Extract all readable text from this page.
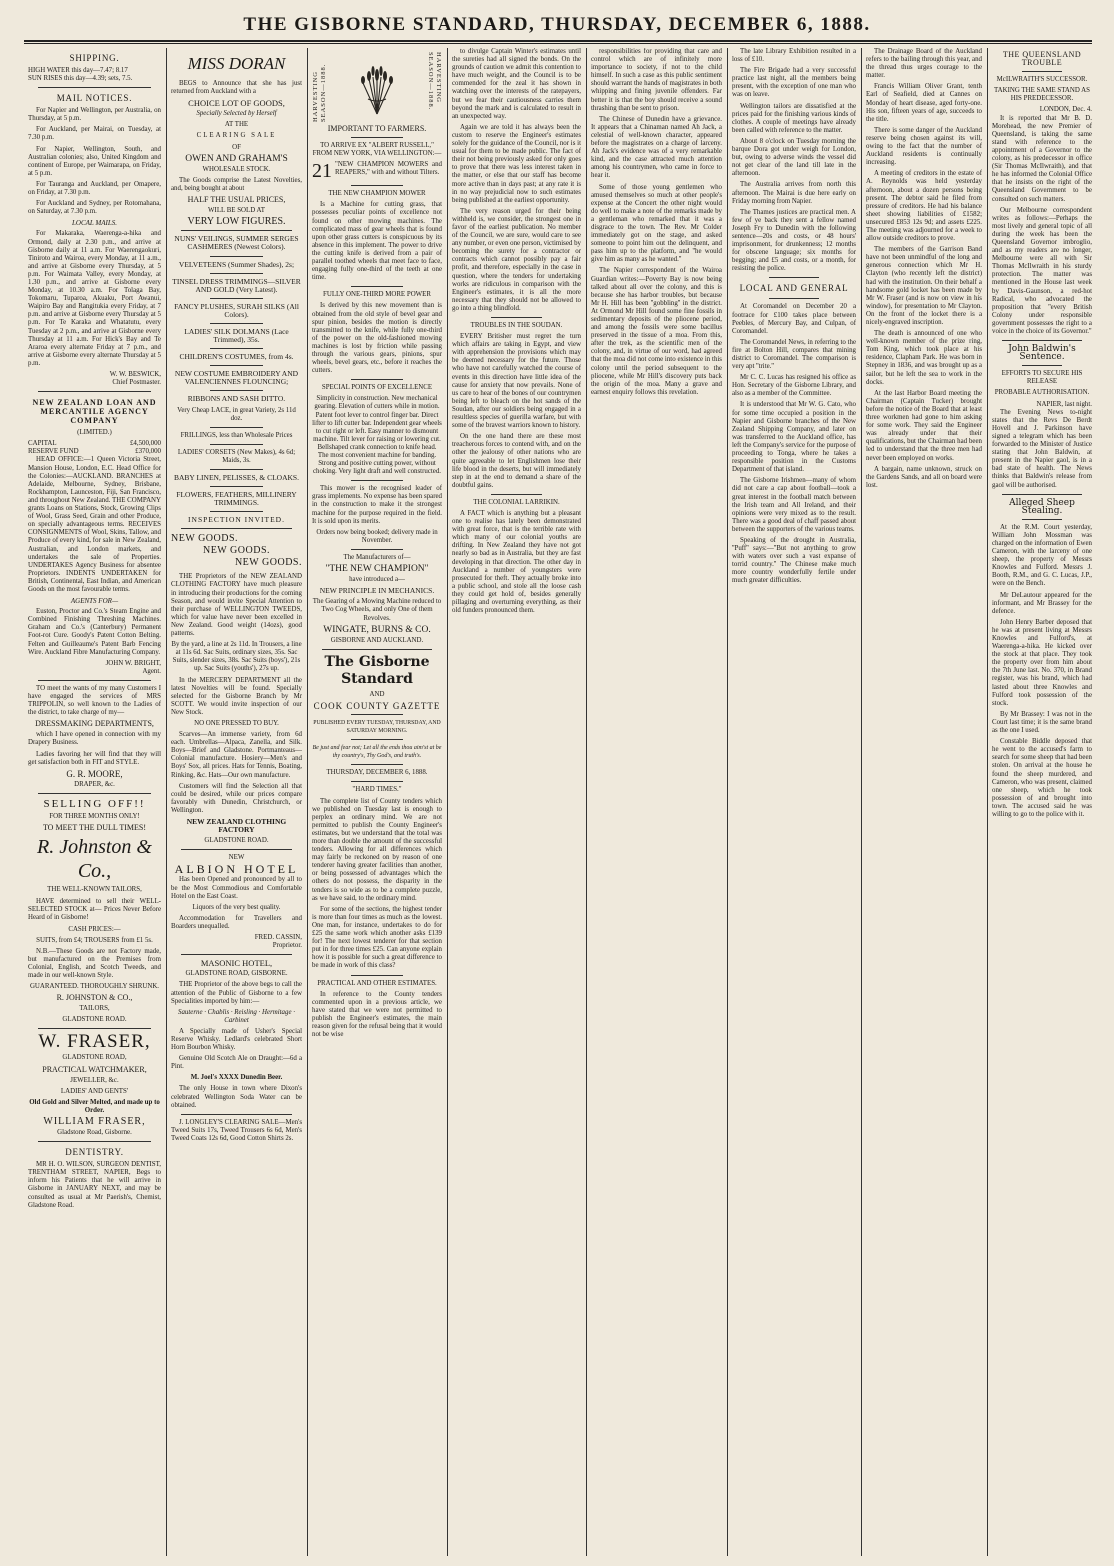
THE GISBORNE STANDARD, THURSDAY, DECEMBER 6, 1888.
SHIPPING.
HIGH WATER this day—7.47; 8.17
SUN RISES this day—4.39; sets, 7.5.
MAIL NOTICES.

For Napier and Wellington, per Australia, on Thursday, at 5 p.m.

For Auckland, per Mairai, on Tuesday, at 7.30 p.m.

For Napier, Wellington, South, and Australian colonies; also, United Kingdom and continent of Europe, per Waimarapa, on Friday, at 5 p.m.

For Tauranga and Auckland, per Omapere, on Friday, at 7.30 p.m.

For Auckland and Sydney, per Rotomahana, on Saturday, at 7.30 p.m.

LOCAL MAILS.

For Makaraka, Waerenga-a-hika and Ormond, daily at 2.30 p.m., and arrive at Gisborne daily at 11 a.m. For Waerengaokuri, Tiniroto and Wairoa, every Monday, at 11 a.m., and arrive at Gisborne every Thursday, at 5 p.m. For Waimata Valley, every Monday, at 1.30 p.m., and arrive at Gisborne every Monday, at 10.30 a.m. For Tolaga Bay, Tokomaru, Tuparoa, Akuaku, Port Awanui, Waipiro Bay and Rangitukia every Friday, at 7 p.m. and arrive at Gisborne every Thursday at 5 p.m. For Te Karaka and Whatatutu, every Tuesday at 2 p.m., and arrive at Gisborne every Thursday at 11 a.m. For Hick's Bay and Te Araroa every alternate Friday at 7 p.m., and arrive at Gisborne every alternate Thursday at 5 p.m.

W. W. BESWICK,
Chief Postmaster.
NEW ZEALAND LOAN AND MERCANTILE AGENCY COMPANY
(LIMITED.)
CAPITAL	£4,500,000
RESERVE FUND	£370,000

HEAD OFFICE:—1 Queen Victoria Street, Mansion House, London, E.C. Head Office for the Colonies:—AUCKLAND. BRANCHES at Adelaide, Melbourne, Sydney, Brisbane, Rockhampton, Launceston, Fiji, San Francisco, and throughout New Zealand. THE COMPANY grants Loans on Stations, Stock, Growing Clips of Wool, Grass Seed, Grain and other Produce, on specially advantageous terms. RECEIVES CONSIGNMENTS of Wool, Skins, Tallow, and Produce of every kind, for sale in New Zealand, Australian, and London markets, and undertakes the sale of Properties. UNDERTAKES Agency Business for absentee Proprietors. INDENTS UNDERTAKEN for British, Continental, East Indian, and American Goods on the most favourable terms.

AGENTS FOR—

Euston, Proctor and Co.'s Steam Engine and Combined Finishing Threshing Machines. Graham and Co.'s (Canterbury) Permanent Foot-rot Cure. Goody's Patent Cotton Belting. Felten and Guilleaume's Patent Barb Fencing Wire. Auckland Fibre Manufacturing Company.

JOHN W. BRIGHT,
Agent.

TO meet the wants of my many Customers I have engaged the services of MRS TRIPPOLIN, so well known to the Ladies of the district, to take charge of my—

DRESSMAKING DEPARTMENTS,

which I have opened in connection with my Drapery Business.

Ladies favoring her will find that they will get satisfaction both in FIT and STYLE.

G. R. MOORE,
DRAPER, &c.
SELLING OFF!!
FOR THREE MONTHS ONLY!
TO MEET THE DULL TIMES!
R. Johnston & Co.,
THE WELL-KNOWN TAILORS,

HAVE determined to sell their WELL-SELECTED STOCK at— Prices Never Before Heard of in Gisborne!

CASH PRICES:—
SUITS, from £4; TROUSERS from £1 5s.

N.B.—These Goods are not Factory made, but manufactured on the Premises from Colonial, English, and Scotch Tweeds, and made in our well-known Style.

GUARANTEED. THOROUGHLY SHRUNK.
R. JOHNSTON & CO.,
TAILORS,
GLADSTONE ROAD.
W. FRASER,
GLADSTONE ROAD,
PRACTICAL WATCHMAKER,
JEWELLER, &c.
LADIES' AND GENTS'
Old Gold and Silver Melted, and made up to Order.
WILLIAM FRASER,
Gladstone Road, Gisborne.
DENTISTRY.

MR H. O. WILSON, SURGEON DENTIST, TRENTHAM STREET, NAPIER, Begs to inform his Patients that he will arrive in Gisborne in JANUARY NEXT, and may be consulted as usual at Mr Paerish's, Chemist, Gladstone Road.

MISS DORAN

BEGS to Announce that she has just returned from Auckland with a

CHOICE LOT OF GOODS,
Specially Selected by Herself
AT THE
CLEARING SALE
OF
OWEN AND GRAHAM'S
WHOLESALE STOCK.

The Goods comprise the Latest Novelties, and, being bought at about

HALF THE USUAL PRICES,
WILL BE SOLD AT
VERY LOW FIGURES.
NUNS' VEILINGS, SUMMER SERGES CASHMERES (Newest Colors).
VELVETEENS (Summer Shades), 2s;
TINSEL DRESS TRIMMINGS—SILVER AND GOLD (Very Latest).
FANCY PLUSHES, SURAH SILKS (All Colors).
LADIES' SILK DOLMANS (Lace Trimmed), 35s.
CHILDREN'S COSTUMES, from 4s.
NEW COSTUME EMBROIDERY AND VALENCIENNES FLOUNCING;
RIBBONS AND SASH DITTO.
Very Cheap LACE, in great Variety, 2s 11d doz.
FRILLINGS, less than Wholesale Prices
LADIES' CORSETS (New Makes), 4s 6d; Maids, 3s.
BABY LINEN, PELISSES, & CLOAKS.
FLOWERS, FEATHERS, MILLINERY TRIMMINGS.
INSPECTION INVITED.
NEW GOODS.
NEW GOODS.
NEW GOODS.

THE Proprietors of the NEW ZEALAND CLOTHING FACTORY have much pleasure in introducing their productions for the coming Season, and would invite Special Attention to their purchase of WELLINGTON TWEEDS, which for value have never been excelled in New Zealand. Good weight (14ozs), good patterns.

By the yard, a line at 2s 11d. In Trousers, a line at 11s 6d. Sac Suits, ordinary sizes, 35s. Sac Suits, slender sizes, 38s. Sac Suits (boys'), 21s up. Sac Suits (youths'), 27s up.

In the MERCERY DEPARTMENT all the latest Novelties will be found. Specially selected for the Gisborne Branch by Mr SCOTT. We would invite inspection of our New Stock.

NO ONE PRESSED TO BUY.

Scarves—An immense variety, from 6d each. Umbrellas—Alpaca, Zanella, and Silk. Boys—Brief and Gladstone. Portmanteaus—Colonial manufacture. Hosiery—Men's and Boys' Sox, all prices. Hats for Tennis, Boating, Rinking, &c. Hats—Our own manufacture.

Customers will find the Selection all that could be desired, while our prices compare favorably with Dunedin, Christchurch, or Wellington.

NEW ZEALAND CLOTHING FACTORY
GLADSTONE ROAD.
NEW
ALBION HOTEL

Has been Opened and pronounced by all to be the Most Commodious and Comfortable Hotel on the East Coast.

Liquors of the very best quality.

Accommodation for Travellers and Boarders unequalled.

FRED. CASSIN,
Proprietor.
MASONIC HOTEL,
GLADSTONE ROAD, GISBORNE.

THE Proprietor of the above begs to call the attention of the Public of Gisborne to a few Specialities imported by him:—

Sauterne · Chablis · Reisling · Hermitage · Carbinet

A Specially made of Usher's Special Reserve Whisky. Ledlard's celebrated Short Horn Bourbon Whisky.

Genuine Old Scotch Ale on Draught:—6d a Pint.

M. Joel's XXXX Dunedin Beer.

The only House in town where Dixon's celebrated Wellington Soda Water can be obtained.

J. LONGLEY'S CLEARING SALE—Men's Tweed Suits 17s, Tweed Trousers 6s 6d, Men's Tweed Coats 12s 6d, Good Cotton Shirts 2s.

HARVESTING SEASON—1888.	HARVESTING SEASON—1888.
IMPORTANT TO FARMERS.

TO ARRIVE EX "ALBERT RUSSELL," FROM NEW YORK, VIA WELLINGTON:—

21 "NEW CHAMPION MOWERS and REAPERS," with and without Tilters.
THE NEW CHAMPION MOWER

Is a Machine for cutting grass, that possesses peculiar points of excellence not found on other mowing machines. The complicated mass of gear wheels that is found upon other grass cutters is conspicuous by its absence in this implement. The power to drive the cutting knife is derived from a pair of parallel toothed wheels that meet face to face, engaging fully one-third of the teeth at one time.

FULLY ONE-THIRD MORE POWER

Is derived by this new movement than is obtained from the old style of bevel gear and spur pinion, besides the motion is directly transmitted to the knife, while fully one-third of the power on the old-fashioned mowing machines is lost by friction while passing through the various gears, pinions, spur wheels, bevel gears, etc., before it reaches the cutters.

SPECIAL POINTS OF EXCELLENCE

Simplicity in construction. New mechanical gearing. Elevation of cutters while in motion. Patent foot lever to control finger bar. Direct lifter to lift cutter bar. Independent gear wheels to cut right or left. Easy manner to dismount machine. Tilt lever for raising or lowering cut. Bellshaped crank connection to knife head. The most convenient machine for banding. Strong and positive cutting power, without choking. Very light draft and well constructed.

This mower is the recognised leader of grass implements. No expense has been spared in the construction to make it the strongest machine for the purpose required in the field. It is sold upon its merits.

Orders now being booked; delivery made in November.

The Manufacturers of—
"THE NEW CHAMPION"
have introduced a—
NEW PRINCIPLE IN MECHANICS.

The Gearing of a Mowing Machine reduced to Two Cog Wheels, and only One of them Revolves.

WINGATE, BURNS & CO.
GISBORNE AND AUCKLAND.
The Gisborne Standard
AND
COOK COUNTY GAZETTE
PUBLISHED EVERY TUESDAY, THURSDAY, AND SATURDAY MORNING.
Be just and fear not; Let all the ends thou aim'st at be thy country's, Thy God's, and truth's.
THURSDAY, DECEMBER 6, 1888.
"HARD TIMES."

The complete list of County tenders which we published on Tuesday last is enough to perplex an ordinary mind. We are not permitted to publish the County Engineer's estimates, but we understand that the total was more than double the amount of the successful tenders. Allowing for all differences which may fairly be reckoned on by reason of one tenderer having greater facilities than another, or being possessed of advantages which the others do not possess, the disparity in the tenders is so wide as to be a complete puzzle, as we have said, to the ordinary mind.

For some of the sections, the highest tender is more than four times as much as the lowest. One man, for instance, undertakes to do for £25 the same work which another asks £139 for! The next lowest tenderer for that section put in for three times £25. Can anyone explain how it is possible for such a great difference to be made in work of this class?

PRACTICAL AND OTHER ESTIMATES.

In reference to the County tenders commented upon in a previous article, we have stated that we were not permitted to publish the Engineer's estimates, the main reason given for the refusal being that it would not be wise

to divulge Captain Winter's estimates until the sureties had all signed the bonds. On the grounds of caution we admit this contention to have much weight, and the Council is to be commended for the zeal it has shown in watching over the interests of the ratepayers, but we fear their cautiousness carries them beyond the mark and is calculated to result in an unexpected way.

Again we are told it has always been the custom to reserve the Engineer's estimates solely for the guidance of the Council, nor is it usual for them to be made public. The fact of their not being previously asked for only goes to prove that there was less interest taken in the matter, or else that our staff has become more active than in days past; at any rate it is in no way prejudicial now to such estimates being published at the earliest opportunity.

The very reason urged for their being withheld is, we consider, the strongest one in favor of the earliest publication. No member of the Council, we are sure, would care to see any number, or even one person, victimised by becoming the surety for a contractor or contracts which cannot possibly pay a fair profit, and therefore, especially in the case in question, where the tenders for undertaking works are ridiculous in comparison with the Engineer's estimates, it is all the more necessary that they should not be allowed to go into a thing blindfold.

TROUBLES IN THE SOUDAN.

EVERY Britisher must regret the turn which affairs are taking in Egypt, and view with apprehension the provisions which may be deemed necessary for the future. Those who have not carefully watched the course of events in this direction have little idea of the cause for anxiety that now prevails. None of us care to hear of the bones of our countrymen being left to bleach on the hot sands of the Soudan, after our soldiers being engaged in a resultless species of guerilla warfare, but with some of the bravest warriors known to history.

On the one hand there are these most treacherous forces to contend with, and on the other the jealousy of other nations who are quite agreeable to let Englishmen lose their life blood in the deserts, but will immediately step in at the end to demand a share of the doubtful gains.

THE COLONIAL LARRIKIN.

A FACT which is anything but a pleasant one to realise has lately been demonstrated with great force, that is the terrible rate with which many of our colonial youths are drifting. In New Zealand they have not got nearly so bad as in Australia, but they are fast developing in that direction. The other day in Auckland a number of youngsters were prosecuted for theft. They actually broke into a public school, and stole all the loose cash they could get hold of, besides generally pillaging and overturning everything, as their old funders pronounced them.

responsibilities for providing that care and control which are of infinitely more importance to society, if not to the child himself. In such a case as this public sentiment should warrant the hands of magistrates in both whipping and fining juvenile offenders. Far better it is that the boy should receive a sound thrashing than be sent to prison.

The Chinese of Dunedin have a grievance. It appears that a Chinaman named Ah Jack, a celestial of well-known character, appeared before the magistrates on a charge of larceny. Ah Jack's evidence was of a very remarkable kind, and the case attracted much attention among his countrymen, who came in force to hear it.

Some of those young gentlemen who amused themselves so much at other people's expense at the Concert the other night would do well to make a note of the remarks made by a gentleman who remarked that it was a disgrace to the town. The Rev. Mr Colder immediately got on the stage, and asked someone to point him out the delinquent, and pass him up to the platform, and ''he would give him as many as he wanted.''

The Napier correspondent of the Wairoa Guardian writes:—Poverty Bay is now being talked about all over the colony, and this is because she has harbor troubles, but because Mr H. Hill has been ''gobbling'' in the district. At Ormond Mr Hill found some fine fossils in sedimentary deposits of the pliocene period, and among the fossils were some bacillus preserved in the tissue of a moa. From this, after the trek, as the scientific men of the colony, and, in virtue of our word, had agreed that the moa did not come into existence in this colony until the period subsequent to the pliocene, while Mr Hill's discovery puts back the origin of the moa. Many a grave and earnest enquiry follows this revelation.

The late Library Exhibition resulted in a loss of £10.

The Fire Brigade had a very successful practice last night, all the members being present, with the exception of one man who was on leave.

Wellington tailors are dissatisfied at the prices paid for the finishing various kinds of clothes. A couple of meetings have already been called with reference to the matter.

About 8 o'clock on Tuesday morning the barque Dora got under weigh for London, but, owing to adverse winds the vessel did not get clear of the land till late in the afternoon.

The Australia arrives from north this afternoon. The Mairai is due here early on Friday morning from Napier.

The Thames justices are practical men. A few of ye back they sent a fellow named Joseph Fry to Dunedin with the following sentence—20s and costs, or 48 hours' imprisonment, for drunkenness; 12 months for obscene language; six months for begging; and £5 and costs, or a month, for resisting the police.

LOCAL AND GENERAL

At Coromandel on December 20 a footrace for £100 takes place between Peebles, of Mercury Bay, and Culpan, of Coromandel.

The Coromandel News, in referring to the fire at Bolton Hill, compares that mining district to Coromandel. The comparison is very apt ''trite.''

Mr C. C. Lucas has resigned his office as Hon. Secretary of the Gisborne Library, and also as a member of the Committee.

It is understood that Mr W. G. Cato, who for some time occupied a position in the Napier and Gisborne branches of the New Zealand Shipping Company, and later on was transferred to the Auckland office, has left the Company's service for the purpose of proceeding to Tonga, where he takes a responsible position in the Customs Department of that island.

The Gisborne Irishmen—many of whom did not care a cap about football—took a great interest in the football match between the Irish team and All Ireland, and their opinions were very mixed as to the result. There was a good deal of chaff passed about between the supporters of the various teams.

Speaking of the drought in Australia, ''Puff'' says:—''But not anything to grow with waters over such a vast expanse of torrid country.'' The Chinese make much more country wonderfully fertile under much greater difficulties.

The Drainage Board of the Auckland refers to the bailing through this year, and the thread thus urges courage to the matter.

Francis William Oliver Grant, tenth Earl of Seafield, died at Cannes on Monday of heart disease, aged forty-one. His son, fifteen years of age, succeeds to the title.

There is some danger of the Auckland reserve being chosen against its will, owing to the fact that the number of Auckland residents is continually increasing.

A meeting of creditors in the estate of A. Reynolds was held yesterday afternoon, about a dozen persons being present. The debtor said he filed from pressure of creditors. He had his balance sheet showing liabilities of £1582; unsecured £853 12s 9d; and assets £225. The meeting was adjourned for a week to allow outside creditors to prove.

The members of the Garrison Band have not been unmindful of the long and generous connection which Mr H. Clayton (who recently left the district) had with the institution. On their behalf a handsome gold locket has been made by Mr W. Fraser (and is now on view in his window), for presentation to Mr Clayton. On the front of the locket there is a nicely-engraved inscription.

The death is announced of one who well-known member of the prize ring, Tom King, which took place at his residence, Clapham Park. He was born in Stepney in 1836, and was brought up as a sailor, but he left the sea to work in the docks.

At the last Harbor Board meeting the Chairman (Captain Tucker) brought before the notice of the Board that at least three workmen had gone to him asking for some work. They said the Engineer was already under that their qualifications, but the Chairman had been led to understand that the three men had never been employed on works.

A bargain, name unknown, struck on the Gardens Sands, and all on board were lost.

THE QUEENSLAND TROUBLE
McILWRAITH'S SUCCESSOR.
TAKING THE SAME STAND AS HIS PREDECESSOR.
LONDON, Dec. 4.

It is reported that Mr B. D. Morehead, the new Premier of Queensland, is taking the same stand with reference to the appointment of a Governor to the colony, as his predecessor in office (Sir Thomas McIlwraith), and that he has informed the Colonial Office that he insists on the right of the Queensland Government to be consulted on such matters.

Our Melbourne correspondent writes as follows:—Perhaps the most lively and general topic of all during the week has been the Queensland Governor imbroglio, and as my readers are no longer, Melbourne were all with Sir Thomas McIlwraith in his sturdy protection. The matter was mentioned in the House last week by Davis-Gaunson, a red-hot Radical, who advocated the proposition that ''every British Colony under responsible government possesses the right to a voice in the choice of its Governor.''

John Baldwin's Sentence.
EFFORTS TO SECURE HIS RELEASE
PROBABLE AUTHORISATION.
NAPIER, last night.

The Evening News to-night states that the Revs De Berdt Hovell and J. Parkinson have signed a telegram which has been forwarded to the Minister of Justice stating that John Baldwin, at present in the Napier gaol, is in a bad state of health. The News thinks that Baldwin's release from gaol will be authorised.

Alleged Sheep Stealing.

At the R.M. Court yesterday, William John Mossman was charged on the information of Ewen Cameron, with the larceny of one sheep, the property of Messrs Knowles and Fulford. Messrs J. Booth, R.M., and G. C. Lucas, J.P., were on the Bench.

Mr DeLautour appeared for the informant, and Mr Brassey for the defence.

John Henry Barber deposed that he was at present living at Messrs Knowles and Fulford's, at Waerenga-a-hika. He kicked over the stock at that place. They took the property over from him about the 7th June last. No. 370, in Brand register, was his brand, which had lasted about three Knowles and Fulford took possession of the stock.

By Mr Brassey: I was not in the Court last time; it is the same brand as the one I used.

Constable Biddle deposed that he went to the accused's farm to search for some sheep that had been stolen. On arrival at the house he found the sheep murdered, and Cameron, who was present, claimed one sheep, which he took possession of and brought into town. The accused said he was willing to go to the police with it.
